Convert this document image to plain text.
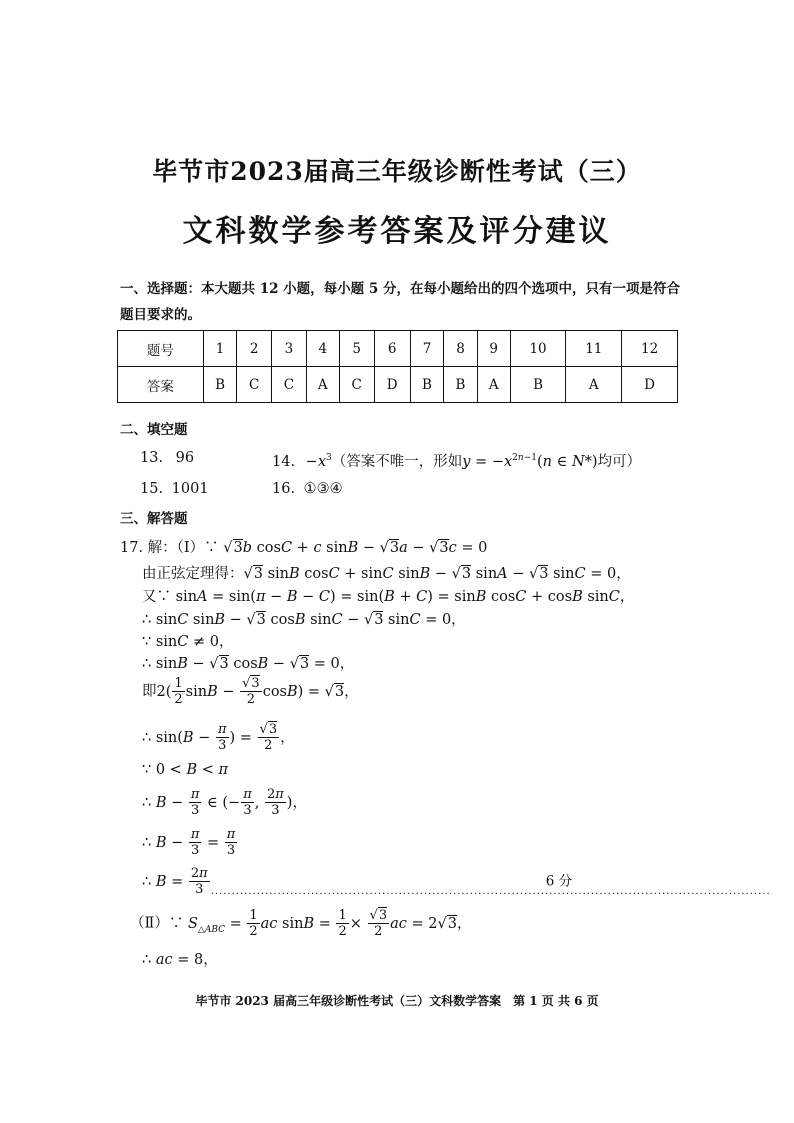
毕节市2023届高三年级诊断性考试（三）
文科数学参考答案及评分建议
一、选择题：本大题共 12 小题，每小题 5 分，在每小题给出的四个选项中，只有一项是符合题目要求的。
题号	1	2	3	4	5	6	7	8	9	10	11	12
答案	B	C	C	A	C	D	B	B	A	B	A	D
二、填空题
13. 96	14. $-x^3$（答案不唯一，形如$y = -x^{2n-1}(n$ ∈ N*)均可）
15. 1001	16. ①③④
三、解答题
17. 解：（Ⅰ）∵ √3b cosC + c sinB − √3a − √3c = 0
由正弦定理得：√3 sinB cosC + sinC sinB − √3 sinA − √3 sinC = 0，
又∵ sinA = sin(π − B − C) = sin(B + C) = sinB cosC + cosB sinC，
∴ sinC sinB − √3 cosB sinC − √3 sinC = 0，
∵ sinC ≠ 0，
∴ sinB − √3 cosB − √3 = 0，
即$2( \frac{1}{2}$ $\sin B - \frac{√3}{2} \cos B) = √3$，
∴ $\sin(B - \frac{\pi}{3}$ ) = $\frac{√3}{2}$ ，
∵ 0 < B < π
∴ $B - \frac{\pi}{3}$ ∈ (− $\frac{\pi}{3}$ , $\frac{2\pi}{3}$ )，
∴ $B - \frac{\pi}{3} = \frac{\pi}{3}$
∴ $B = \frac{2\pi}{3}$ ......................................................................................................................................6 分
（Ⅱ）∵ $S_{\triangle ABC} = \frac{1}{2}$ ac $\sin B = \frac{1}{2} \times \frac{√3}{2}$ ac = 2√3，
∴ ac = 8，
毕节市 2023 届高三年级诊断性考试（三）文科数学答案　第 1 页 共 6 页
